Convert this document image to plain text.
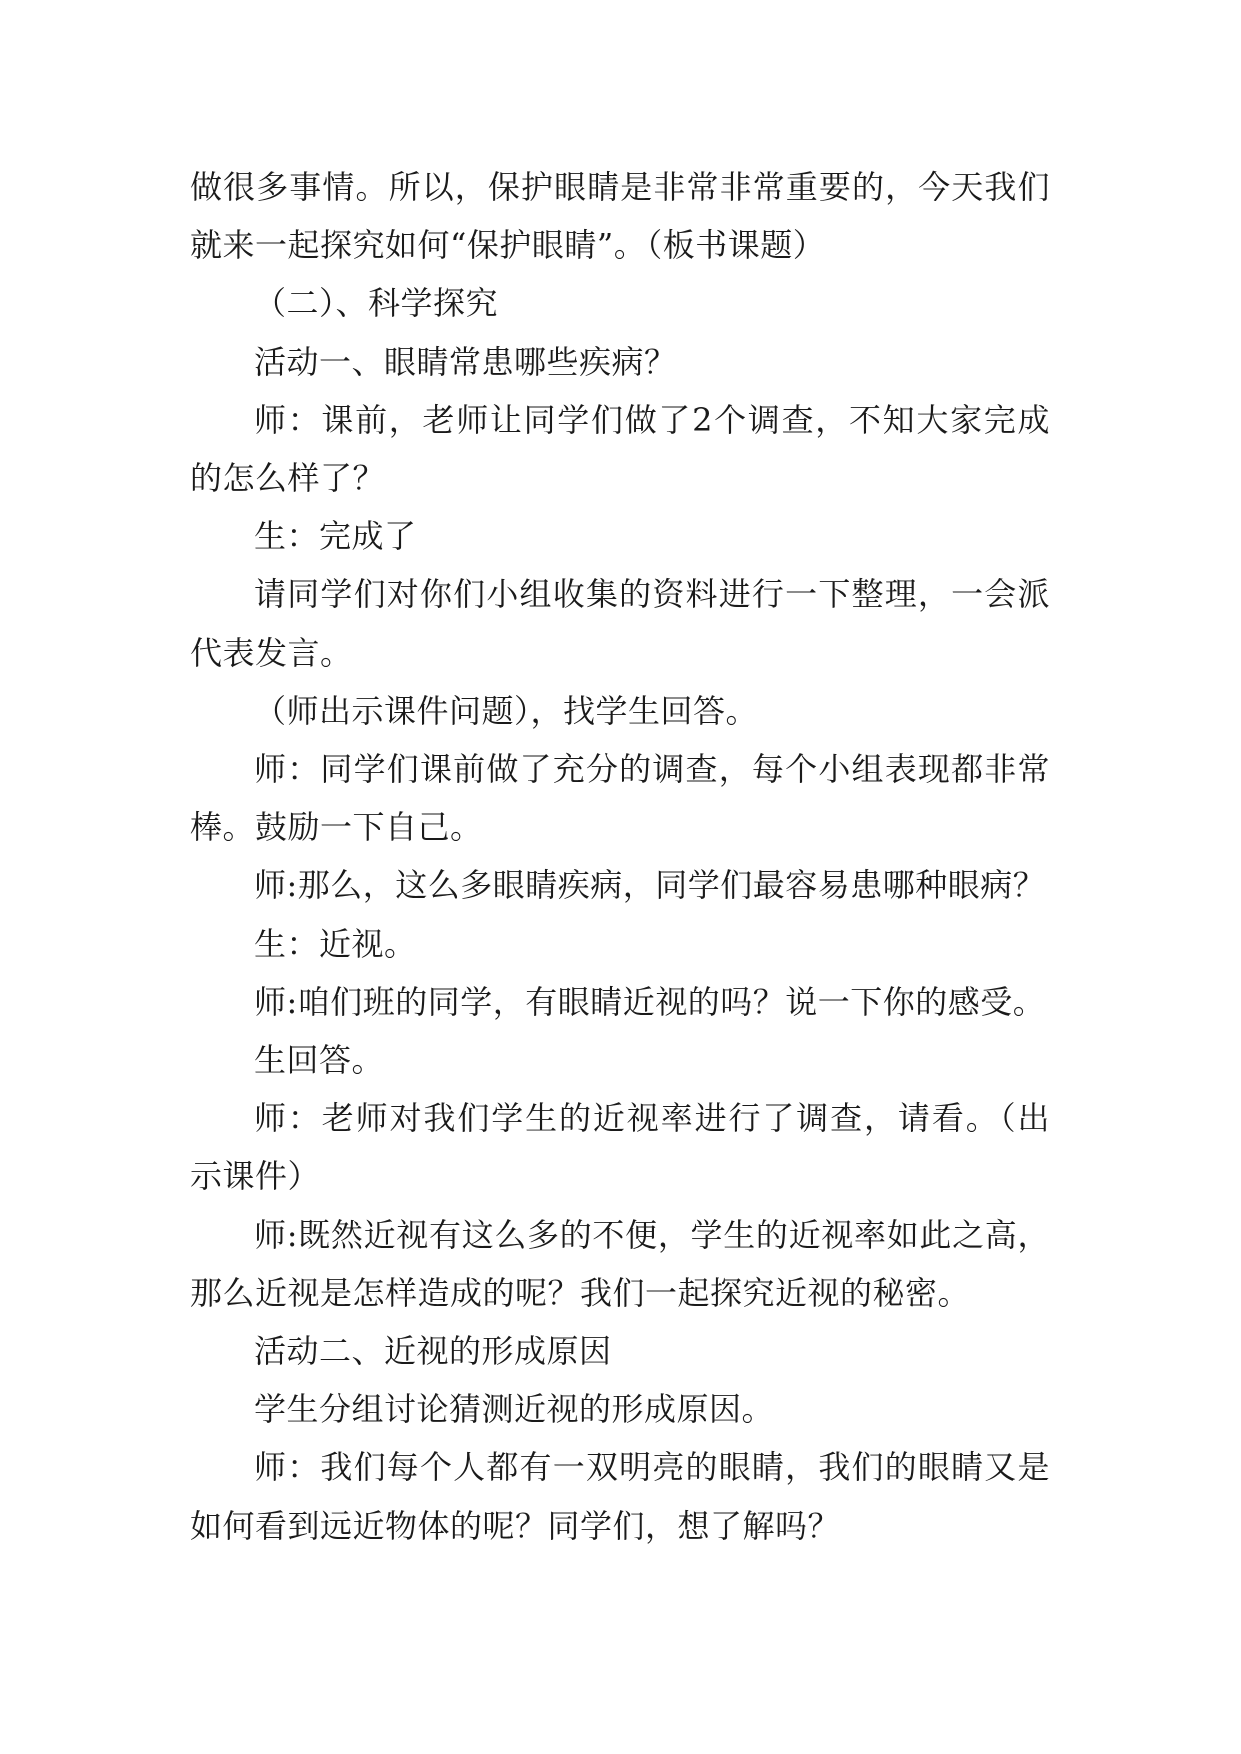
做很多事情。所以，保护眼睛是非常非常重要的，今天我们就来一起探究如何“保护眼睛”。（板书课题）

（二）、科学探究

活动一、眼睛常患哪些疾病？

师：课前，老师让同学们做了2个调查，不知大家完成的怎么样了？

生：完成了

请同学们对你们小组收集的资料进行一下整理，一会派代表发言。

（师出示课件问题），找学生回答。

师：同学们课前做了充分的调查，每个小组表现都非常棒。鼓励一下自己。

师:那么，这么多眼睛疾病，同学们最容易患哪种眼病？

生：近视。

师:咱们班的同学，有眼睛近视的吗？说一下你的感受。

生回答。

师：老师对我们学生的近视率进行了调查，请看。（出示课件）

师:既然近视有这么多的不便，学生的近视率如此之高，那么近视是怎样造成的呢？我们一起探究近视的秘密。

活动二、近视的形成原因

学生分组讨论猜测近视的形成原因。

师：我们每个人都有一双明亮的眼睛，我们的眼睛又是如何看到远近物体的呢？同学们，想了解吗？
